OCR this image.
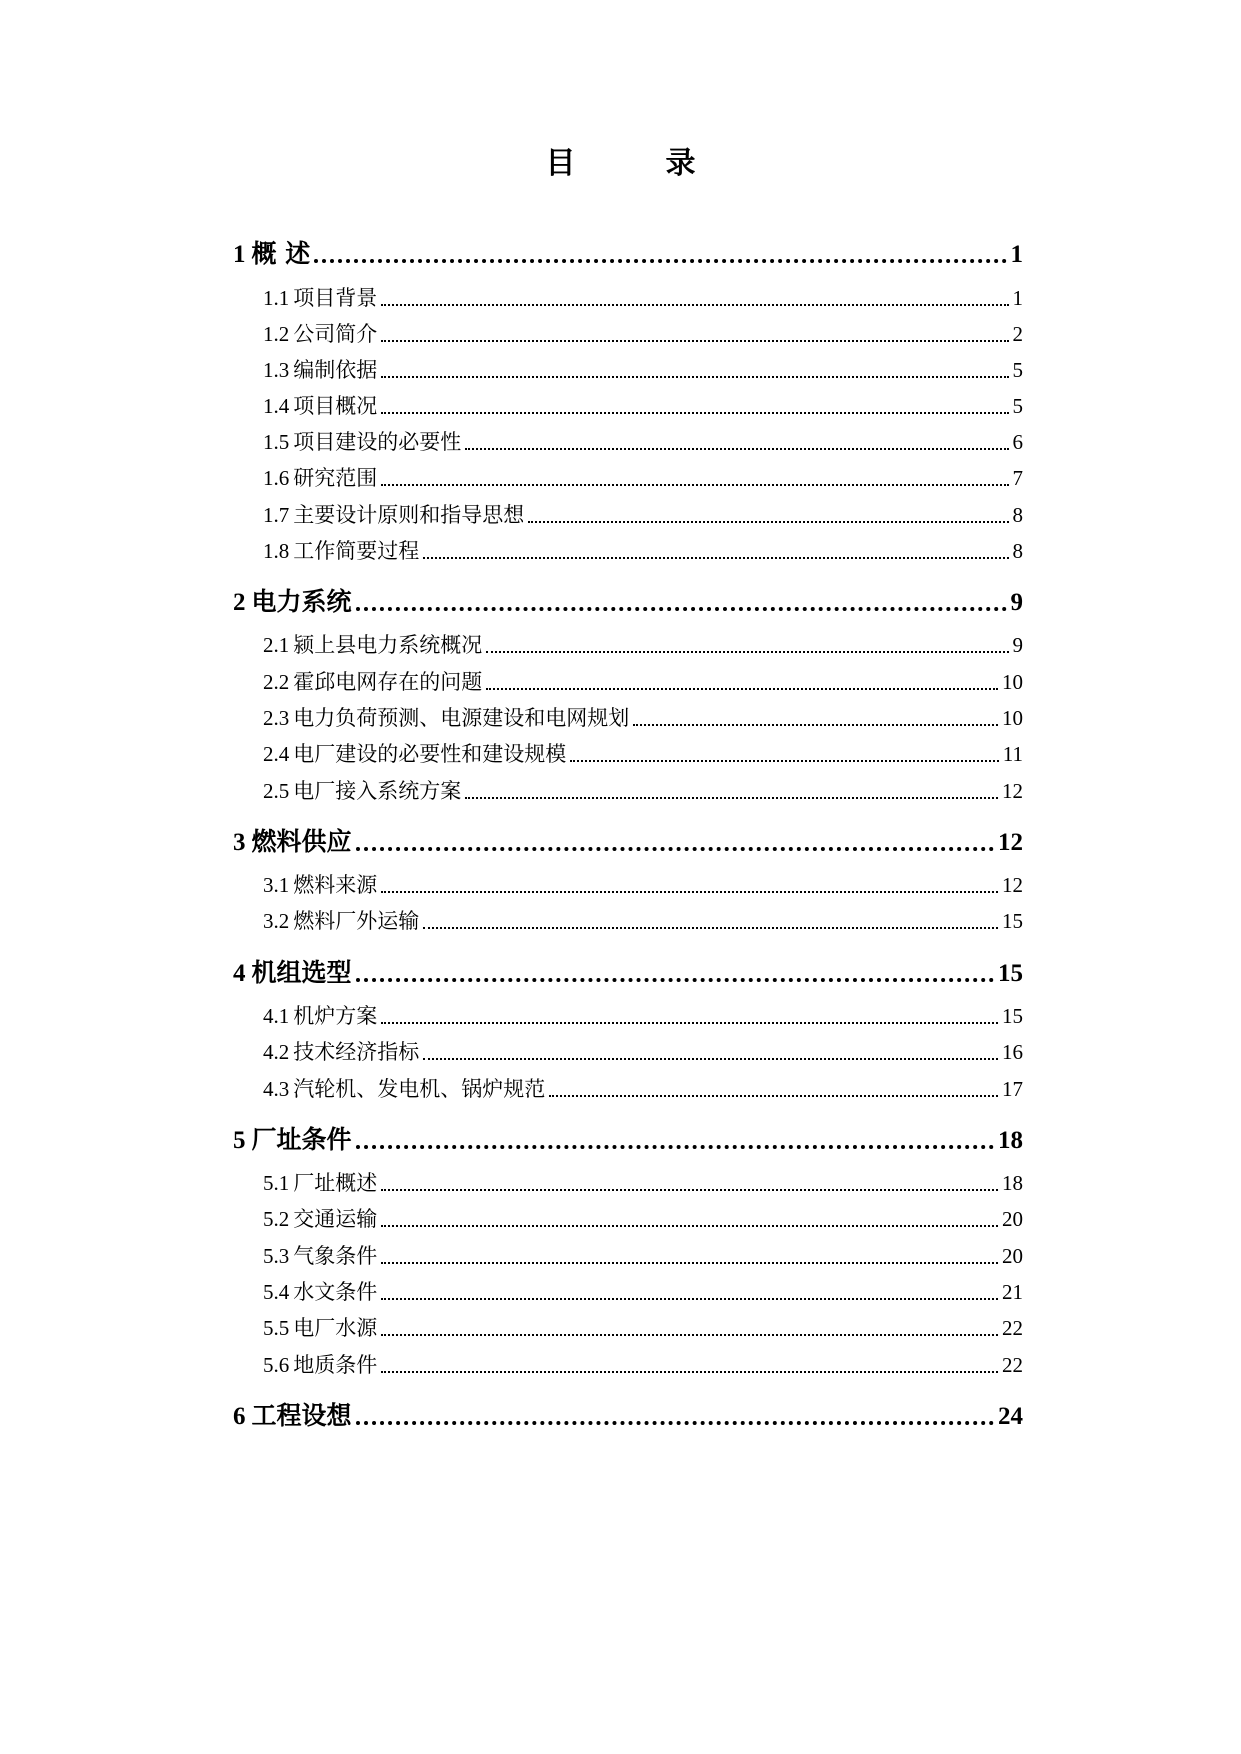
目	录
1 概 述	1
1.1 项目背景	1
1.2 公司简介	2
1.3 编制依据	5
1.4 项目概况	5
1.5 项目建设的必要性	6
1.6 研究范围	7
1.7 主要设计原则和指导思想	8
1.8 工作简要过程	8
2 电力系统	9
2.1 颍上县电力系统概况	9
2.2 霍邱电网存在的问题	10
2.3 电力负荷预测、电源建设和电网规划	10
2.4 电厂建设的必要性和建设规模	11
2.5 电厂接入系统方案	12
3 燃料供应	12
3.1 燃料来源	12
3.2 燃料厂外运输	15
4 机组选型	15
4.1 机炉方案	15
4.2 技术经济指标	16
4.3 汽轮机、发电机、锅炉规范	17
5 厂址条件	18
5.1 厂址概述	18
5.2 交通运输	20
5.3 气象条件	20
5.4 水文条件	21
5.5 电厂水源	22
5.6 地质条件	22
6 工程设想	24
